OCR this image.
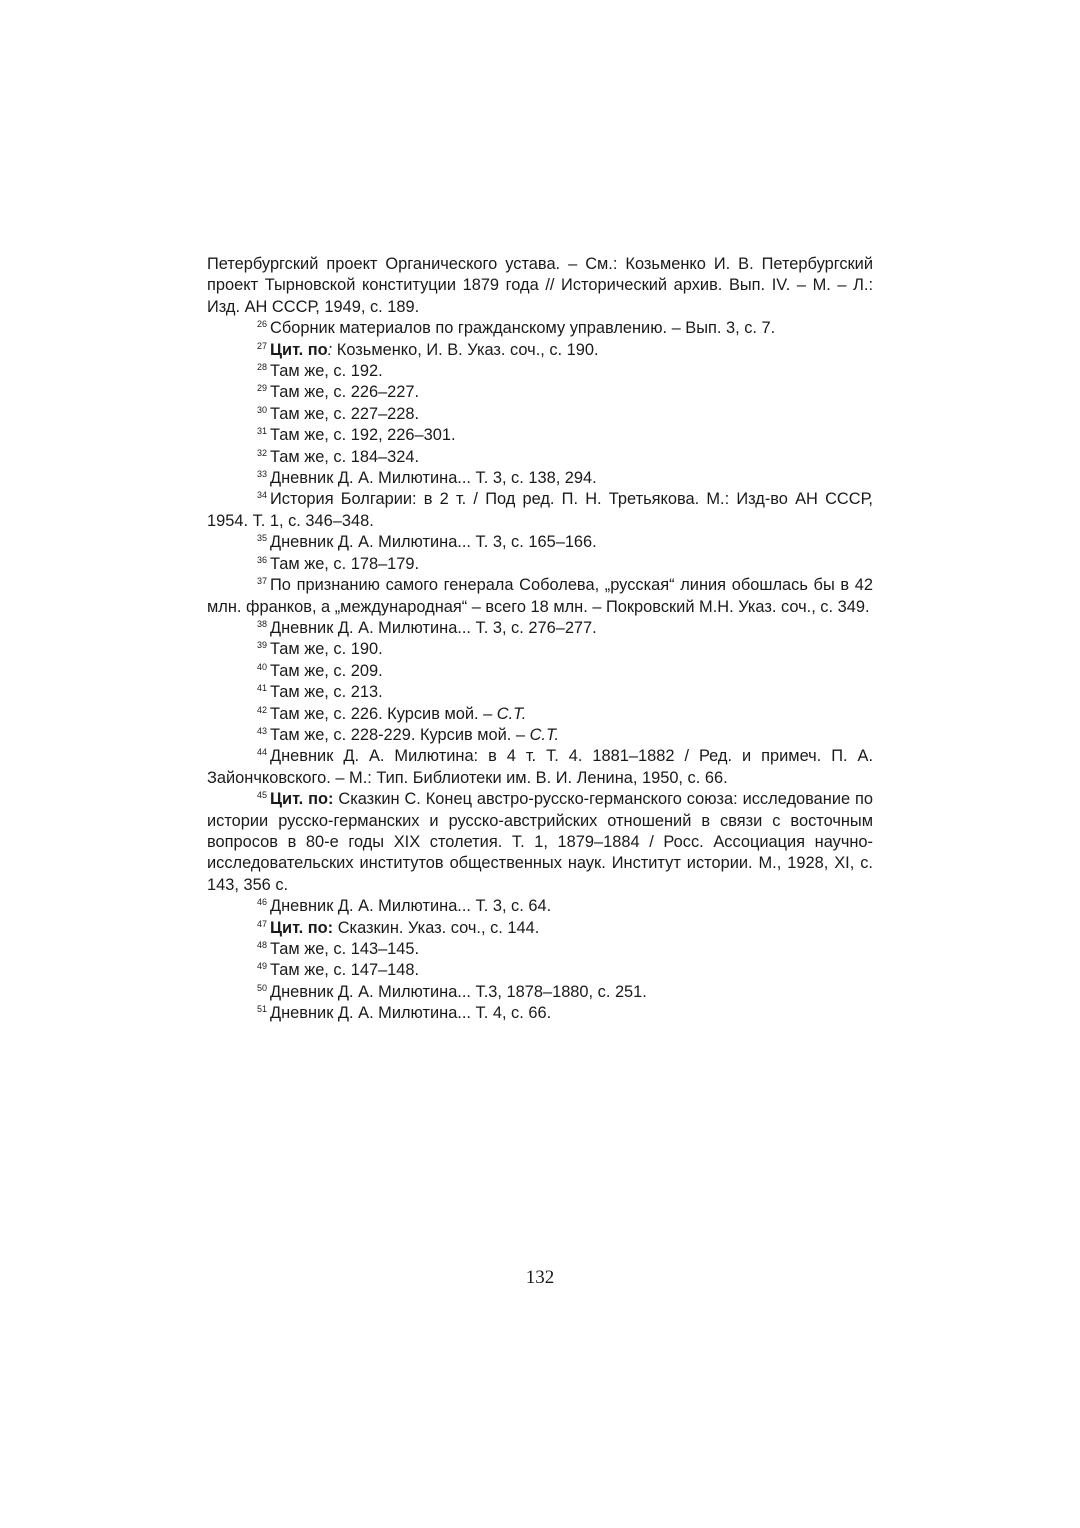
Петербургский проект Органического устава. – См.: Козьменко И. В. Петербургский проект Тырновской конституции 1879 года // Исторический архив. Вып. IV. – М. – Л.: Изд. АН СССР, 1949, с. 189.

$^{26}$ Сборник материалов по гражданскому управлению. – Вып. 3, с. 7.

$^{27}$ Цит. по: Козьменко, И. В. Указ. соч., с. 190.

$^{28}$ Там же, с. 192.

$^{29}$ Там же, с. 226–227.

$^{30}$ Там же, с. 227–228.

$^{31}$ Там же, с. 192, 226–301.

$^{32}$ Там же, с. 184–324.

$^{33}$ Дневник Д. А. Милютина... Т. 3, с. 138, 294.

$^{34}$ История Болгарии: в 2 т. / Под ред. П. Н. Третьякова. М.: Изд-во АН СССР, 1954. Т. 1, с. 346–348.

$^{35}$ Дневник Д. А. Милютина... Т. 3, с. 165–166.

$^{36}$ Там же, с. 178–179.

$^{37}$ По признанию самого генерала Соболева, „русская“ линия обошлась бы в 42 млн. франков, а „международная“ – всего 18 млн. – Покровский М.Н. Указ. соч., с. 349.

$^{38}$ Дневник Д. А. Милютина... Т. 3, с. 276–277.

$^{39}$ Там же, с. 190.

$^{40}$ Там же, с. 209.

$^{41}$ Там же, с. 213.

$^{42}$ Там же, с. 226. Курсив мой. – С.Т.

$^{43}$ Там же, с. 228-229. Курсив мой. – С.Т.

$^{44}$ Дневник Д. А. Милютина: в 4 т. Т. 4. 1881–1882 / Ред. и примеч. П. А. Зайончковского. – М.: Тип. Библиотеки им. В. И. Ленина, 1950, с. 66.

$^{45}$ Цит. по: Сказкин С. Конец австро-русско-германского союза: исследование по истории русско-германских и русско-австрийских отношений в связи с восточным вопросов в 80-е годы XIX столетия. Т. 1, 1879–1884 / Росс. Ассоциация научно-исследовательских институтов общественных наук. Институт истории. М., 1928, XI, с. 143, 356 с.

$^{46}$ Дневник Д. А. Милютина... Т. 3, с. 64.

$^{47}$ Цит. по: Сказкин. Указ. соч., с. 144.

$^{48}$ Там же, с. 143–145.

$^{49}$ Там же, с. 147–148.

$^{50}$ Дневник Д. А. Милютина... Т.3, 1878–1880, с. 251.

$^{51}$ Дневник Д. А. Милютина... Т. 4, с. 66.

132
